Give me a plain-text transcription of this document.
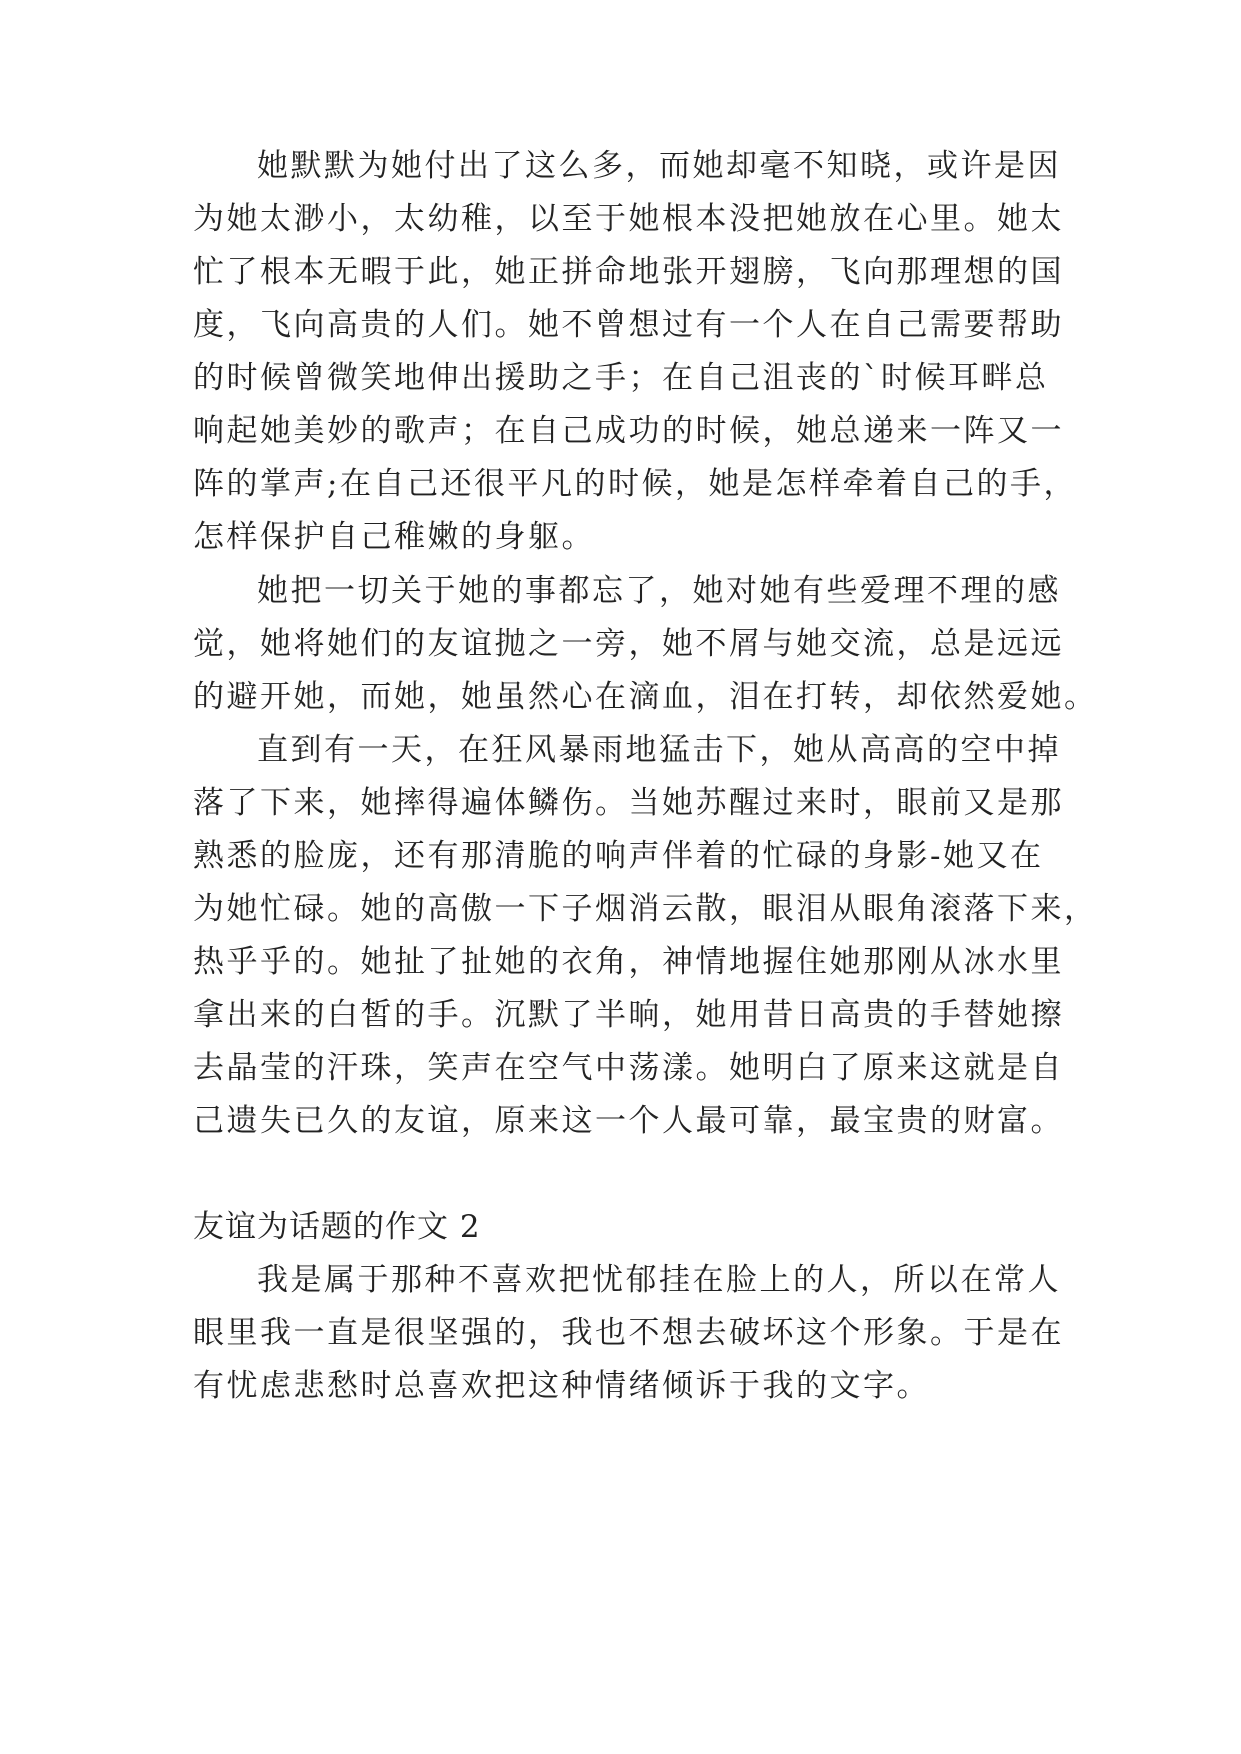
她默默为她付出了这么多，而她却毫不知晓，或许是因
为她太渺小，太幼稚，以至于她根本没把她放在心里。她太
忙了根本无暇于此，她正拼命地张开翅膀，飞向那理想的国
度，飞向高贵的人们。她不曾想过有一个人在自己需要帮助
的时候曾微笑地伸出援助之手；在自己沮丧的`时候耳畔总
响起她美妙的歌声；在自己成功的时候，她总递来一阵又一
阵的掌声;在自己还很平凡的时候，她是怎样牵着自己的手，
怎样保护自己稚嫩的身躯。
她把一切关于她的事都忘了，她对她有些爱理不理的感
觉，她将她们的友谊抛之一旁，她不屑与她交流，总是远远
的避开她，而她，她虽然心在滴血，泪在打转，却依然爱她。
直到有一天，在狂风暴雨地猛击下，她从高高的空中掉
落了下来，她摔得遍体鳞伤。当她苏醒过来时，眼前又是那
熟悉的脸庞，还有那清脆的响声伴着的忙碌的身影-她又在
为她忙碌。她的高傲一下子烟消云散，眼泪从眼角滚落下来，
热乎乎的。她扯了扯她的衣角，神情地握住她那刚从冰水里
拿出来的白皙的手。沉默了半晌，她用昔日高贵的手替她擦
去晶莹的汗珠，笑声在空气中荡漾。她明白了原来这就是自
己遗失已久的友谊，原来这一个人最可靠，最宝贵的财富。
友谊为话题的作文 2
我是属于那种不喜欢把忧郁挂在脸上的人，所以在常人
眼里我一直是很坚强的，我也不想去破坏这个形象。于是在
有忧虑悲愁时总喜欢把这种情绪倾诉于我的文字。
